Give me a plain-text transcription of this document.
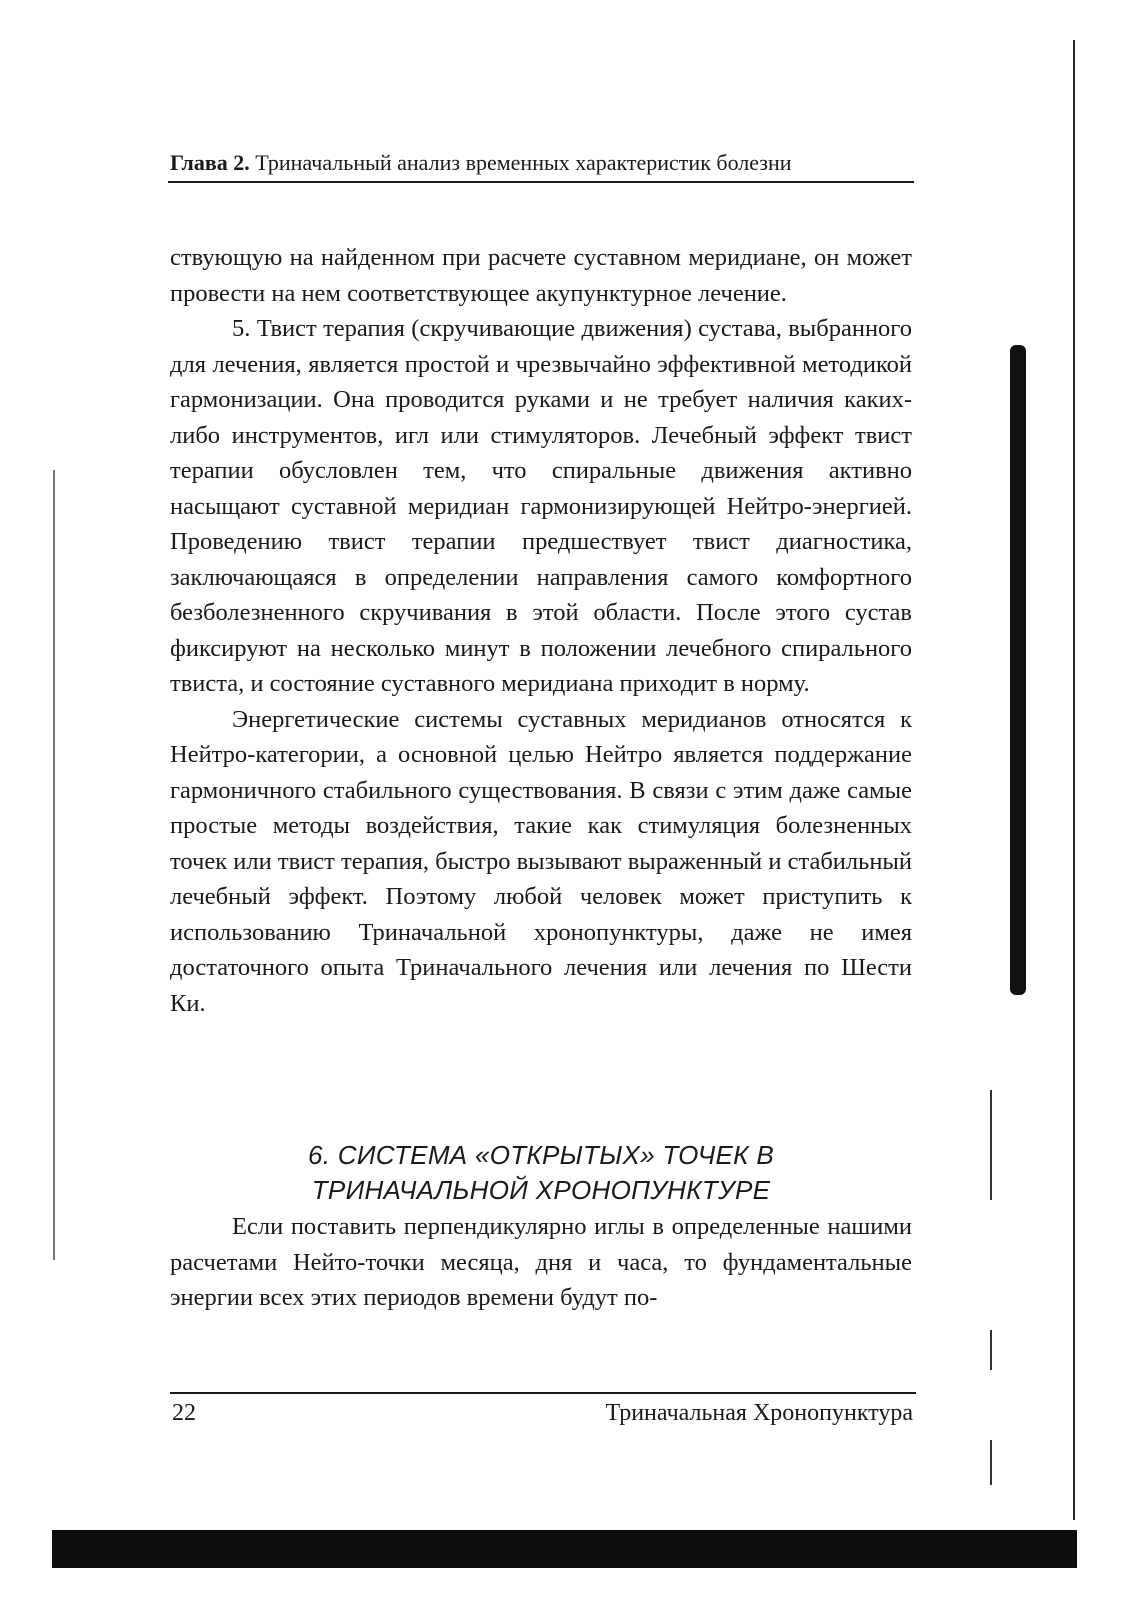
Глава 2. Триначальный анализ временных характеристик болезни

ствующую на найденном при расчете суставном меридиане, он может провести на нем соответствующее акупунктурное лечение.

5. Твист терапия (скручивающие движения) сустава, выбранного для лечения, является простой и чрезвычайно эффективной методикой гармонизации. Она проводится руками и не требует наличия каких-либо инструментов, игл или стимуляторов. Лечебный эффект твист терапии обусловлен тем, что спиральные движения активно насыщают суставной меридиан гармонизирующей Нейтро-энергией. Проведению твист терапии предшествует твист диагностика, заключающаяся в определении направления самого комфортного безболезненного скручивания в этой области. После этого сустав фиксируют на несколько минут в положении лечебного спирального твиста, и состояние суставного меридиана приходит в норму.

Энергетические системы суставных меридианов относятся к Нейтро-категории, а основной целью Нейтро является поддержание гармоничного стабильного существования. В связи с этим даже самые простые методы воздействия, такие как стимуляция болезненных точек или твист терапия, быстро вызывают выраженный и стабильный лечебный эффект. Поэтому любой человек может приступить к использованию Триначальной хронопунктуры, даже не имея достаточного опыта Триначального лечения или лечения по Шести Ки.

6. СИСТЕМА «ОТКРЫТЫХ» ТОЧЕК В
ТРИНАЧАЛЬНОЙ ХРОНОПУНКТУРЕ

Если поставить перпендикулярно иглы в определенные нашими расчетами Нейто-точки месяца, дня и часа, то фундаментальные энергии всех этих периодов времени будут по-

22	Триначальная Хронопунктура
